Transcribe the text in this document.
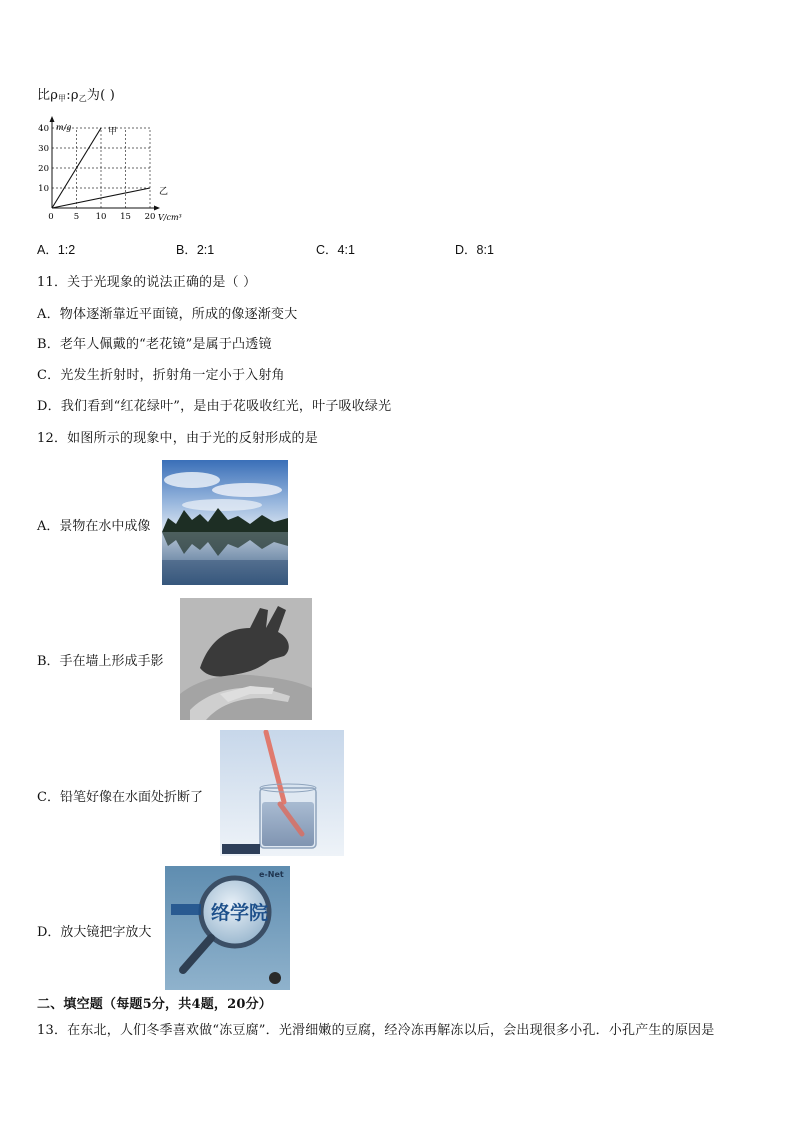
比$\rho_甲:\rho_乙$为( )
10
20
30
40
0 5 10 15 20
m/g
V/cm³
甲
乙
A．1:2	B．2:1	C．4:1	D．8:1
11．关于光现象的说法正确的是（ ）
A．物体逐渐靠近平面镜，所成的像逐渐变大
B．老年人佩戴的“老花镜”是属于凸透镜
C．光发生折射时，折射角一定小于入射角
D．我们看到“红花绿叶”，是由于花吸收红光，叶子吸收绿光
12．如图所示的现象中，由于光的反射形成的是
A．景物在水中成像
B．手在墙上形成手影
C．铅笔好像在水面处折断了
D．放大镜把字放大
e-Net
络学院
二、填空题（每题5分，共4题，20分）
13．在东北，人们冬季喜欢做“冻豆腐”．光滑细嫩的豆腐，经冷冻再解冻以后，会出现很多小孔．小孔产生的原因是
